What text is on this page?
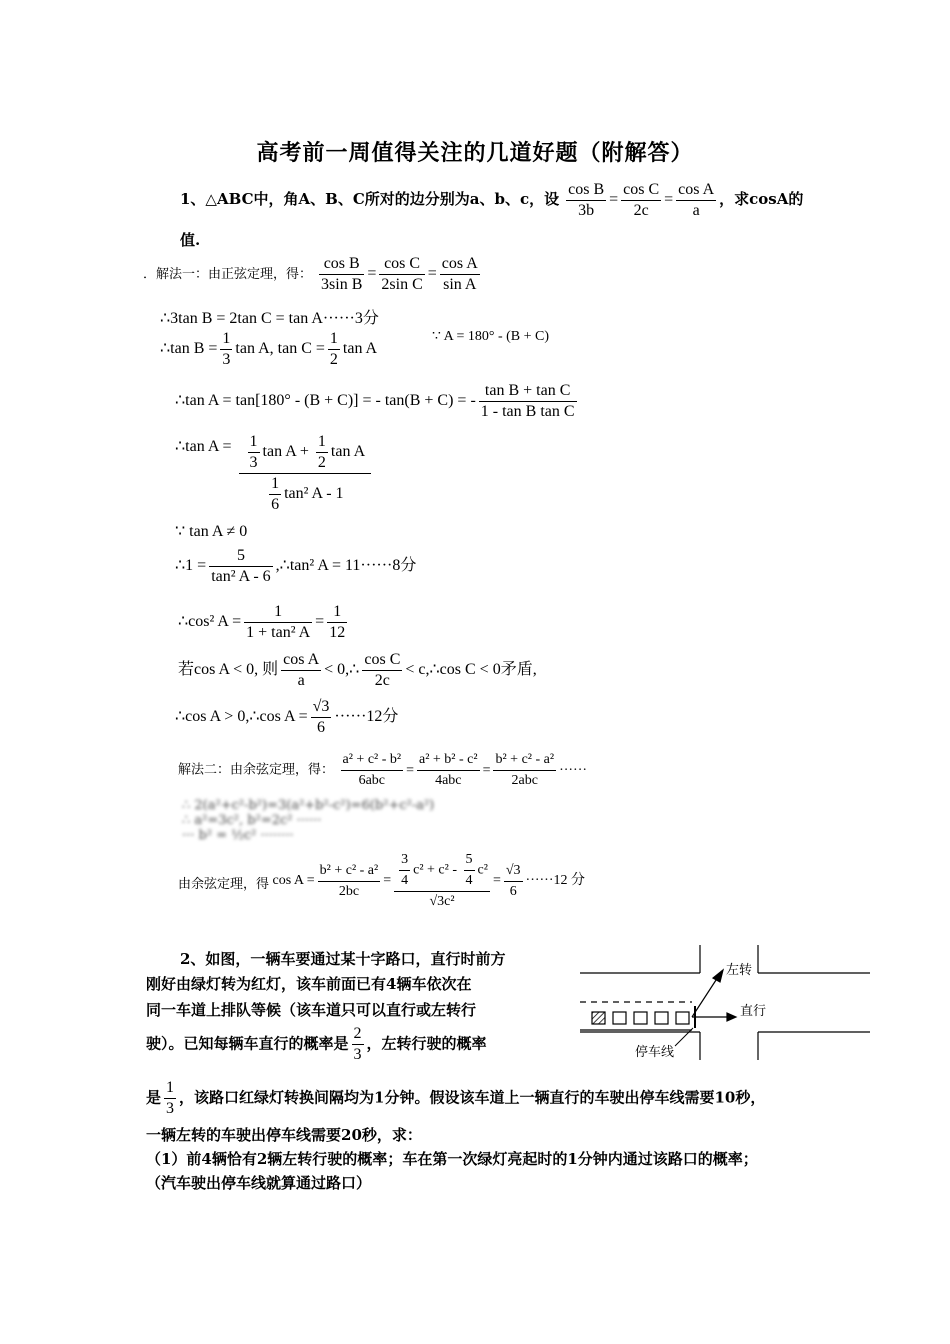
高考前一周值得关注的几道好题（附解答）
1、△ABC中，角A、B、C所对的边分别为a、b、c，设 $\frac{\text{cos B}}{3b} = \frac{\text{cos C}}{2c} = \frac{\text{cos A}}{a}$ ，求cosA的
值.
．解法一：由正弦定理，得： $\frac{\text{cos B}}{\text{3sin B}} = \frac{\text{cos C}}{\text{2sin C}} = \frac{\text{cos A}}{\text{sin A}}$
∴3tan B = 2tan C = tan A······3分
∴tan $B = \frac{1}{3}$ tan A, $\tan C = \frac{1}{2}$ tan A
∵ A = 180° - (B + C)
∴tan A = tan[180° - (B + C)] = - tan(B + C) = - $\frac{\text{tan B + tan C}}{\text{1 - tan B tan C}}$
∴tan $A = \frac{\frac{1}{3} \tan A + \frac{1}{2} \tan A}{\frac{1}{6} \tan^2 A - 1}$
∵ tan A ≠ 0
∴1 = $\frac{5}{\text{tan² A - 6}}$ ,∴tan² A = 11······8分
∴cos² $A = \frac{1}{\text{1 + tan² A}} = \frac{1}{12}$
若cos A < 0, 则 $\frac{\text{cos A}}{a}$ < 0,∴ $\frac{\text{cos C}}{2c}$ < c,∴cos C < 0矛盾,
∴cos A > 0,∴cos $A = \frac{√3}{6} \cdot\cdot\cdot\cdot\cdot\cdot 12$分
解法二：由余弦定理，得： $\frac{\text{a² + c² - b²}}{\text{6abc}} = \frac{\text{a² + b² - c²}}{\text{4abc}} = \frac{\text{b² + c² - a²}}{\text{2abc}}$ ······
∴ 2(a²+c²-b²)=3(a²+b²-c²)=6(b²+c²-a²)
∴ a²=3c², b²=2c² ······
··· b² = ½c² ········
$_{由余弦定理,得}$ $\cos A = \frac{\text{b² + c² - a²}}{2bc} = \frac{\frac{3}{4} c^2 + c^2 - \frac{5}{4} c^2}{\text{√3c²}} = \frac{√3}{6} \cdot\cdot\cdot\cdot\cdot\cdot 12$ 分
2、如图，一辆车要通过某十字路口，直行时前方
刚好由绿灯转为红灯，该车前面已有4辆车依次在
同一车道上排队等候（该车道只可以直行或左转行
驶）。已知每辆车直行的概率是 $\frac{2}{3}$ ，左转行驶的概率
是 $\frac{1}{3}$ ，该路口红绿灯转换间隔均为1分钟。假设该车道上一辆直行的车驶出停车线需要10秒，
一辆左转的车驶出停车线需要20秒，求：
（1）前4辆恰有2辆左转行驶的概率；车在第一次绿灯亮起时的1分钟内通过该路口的概率；
（汽车驶出停车线就算通过路口）
左转
直行
停车线
